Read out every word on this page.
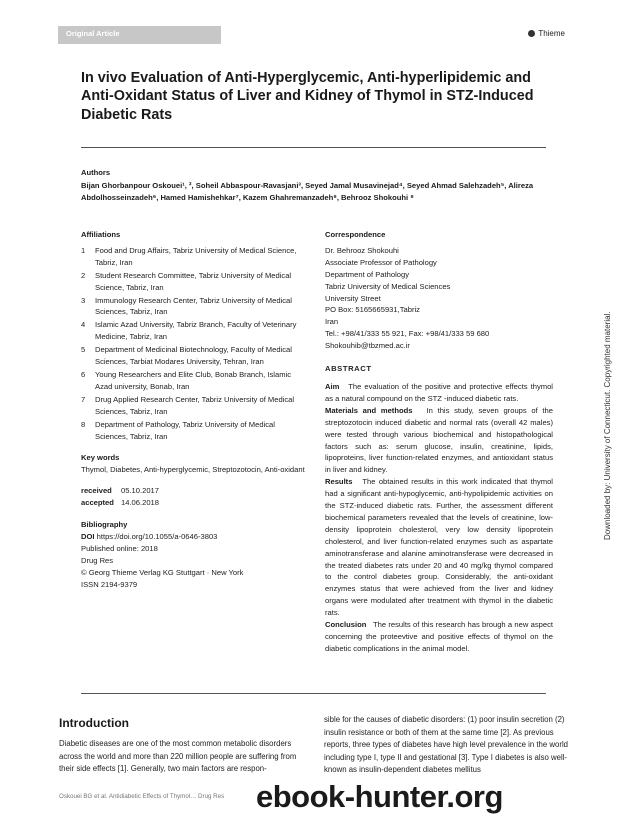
Original Article	Thieme
In vivo Evaluation of Anti-Hyperglycemic, Anti-hyperlipidemic and Anti-Oxidant Status of Liver and Kidney of Thymol in STZ-Induced Diabetic Rats
Authors
Bijan Ghorbanpour Oskouei¹, ², Soheil Abbaspour-Ravasjani³, Seyed Jamal Musavinejad⁴, Seyed Ahmad Salehzadeh⁵, Alireza Abdolhosseinzadeh⁶, Hamed Hamishehkar⁷, Kazem Ghahremanzadeh⁸, Behrooz Shokouhi ⁸
Affiliations
1	Food and Drug Affairs, Tabriz University of Medical Science, Tabriz, Iran
2	Student Research Committee, Tabriz University of Medical Science, Tabriz, Iran
3	Immunology Research Center, Tabriz University of Medical Sciences, Tabriz, Iran
4	Islamic Azad University, Tabriz Branch, Faculty of Veterinary Medicine, Tabriz, Iran
5	Department of Medicinal Biotechnology, Faculty of Medical Sciences, Tarbiat Modares University, Tehran, Iran
6	Young Researchers and Elite Club, Bonab Branch, Islamic Azad university, Bonab, Iran
7	Drug Applied Research Center, Tabriz University of Medical Sciences, Tabriz, Iran
8	Department of Pathology, Tabriz University of Medical Sciences, Tabriz, Iran
Key words
Thymol, Diabetes, Anti-hyperglycemic, Streptozotocin, Anti-oxidant
received	05.10.2017
accepted 14.06.2018
Bibliography
DOI https://doi.org/10.1055/a-0646-3803
Published online: 2018
Drug Res
© Georg Thieme Verlag KG Stuttgart · New York
ISSN 2194-9379
Correspondence
Dr. Behrooz Shokouhi
Associate Professor of Pathology
Department of Pathology
Tabriz University of Medical Sciences
University Street
PO Box: 5165665931,Tabriz
Iran
Tel.: +98/41/333 55 921, Fax: +98/41/333 59 680
Shokouhib@tbzmed.ac.ir
ABSTRACT

Aim The evaluation of the positive and protective effects thymol as a natural compound on the STZ -induced diabetic rats.

Materials and methods In this study, seven groups of the streptozotocin induced diabetic and normal rats (overall 42 males) were tested through various biochemical and histopathological factors such as: serum glucose, insulin, creatinine, lipids, lipoproteins, liver function-related enzymes, and antioxidant status in liver and kidney.

Results The obtained results in this work indicated that thymol had a significant anti-hypoglycemic, anti-hypolipidemic activities on the STZ-induced diabetic rats. Further, the assessment different biochemical parameters revealed that the levels of creatinine, low-density lipoprotein cholesterol, very low density lipoprotein cholesterol, and liver function-related enzymes such as aspartate aminotransferase and alanine aminotransferase were decreased in the treated diabetes rats under 20 and 40 mg/kg thymol compared to the control diabetes group. Considerably, the anti-oxidant enzymes status that were achieved from the liver and kidney organs were modulated after treatment with thymol in the diabetic rats.

Conclusion The results of this research has brough a new aspect concerning the proteevtive and positive effects of thymol on the diabetic complications in the animal model.

Downloaded by: University of Connecticut. Copyrighted material.
Introduction
Diabetic diseases are one of the most common metabolic disorders across the world and more than 220 million people are suffering from their side effects [1]. Generally, two main factors are respon-
sible for the causes of diabetic disorders: (1) poor insulin secretion (2) insulin resistance or both of them at the same time [2]. As previous reports, three types of diabetes have high level prevalence in the world including type I, type II and gestational [3]. Type I diabetes is also well-known as insulin-dependent diabetes mellitus
Oskouei BG et al. Antidiabetic Effects of Thymol… Drug Res ebook-hunter.org
